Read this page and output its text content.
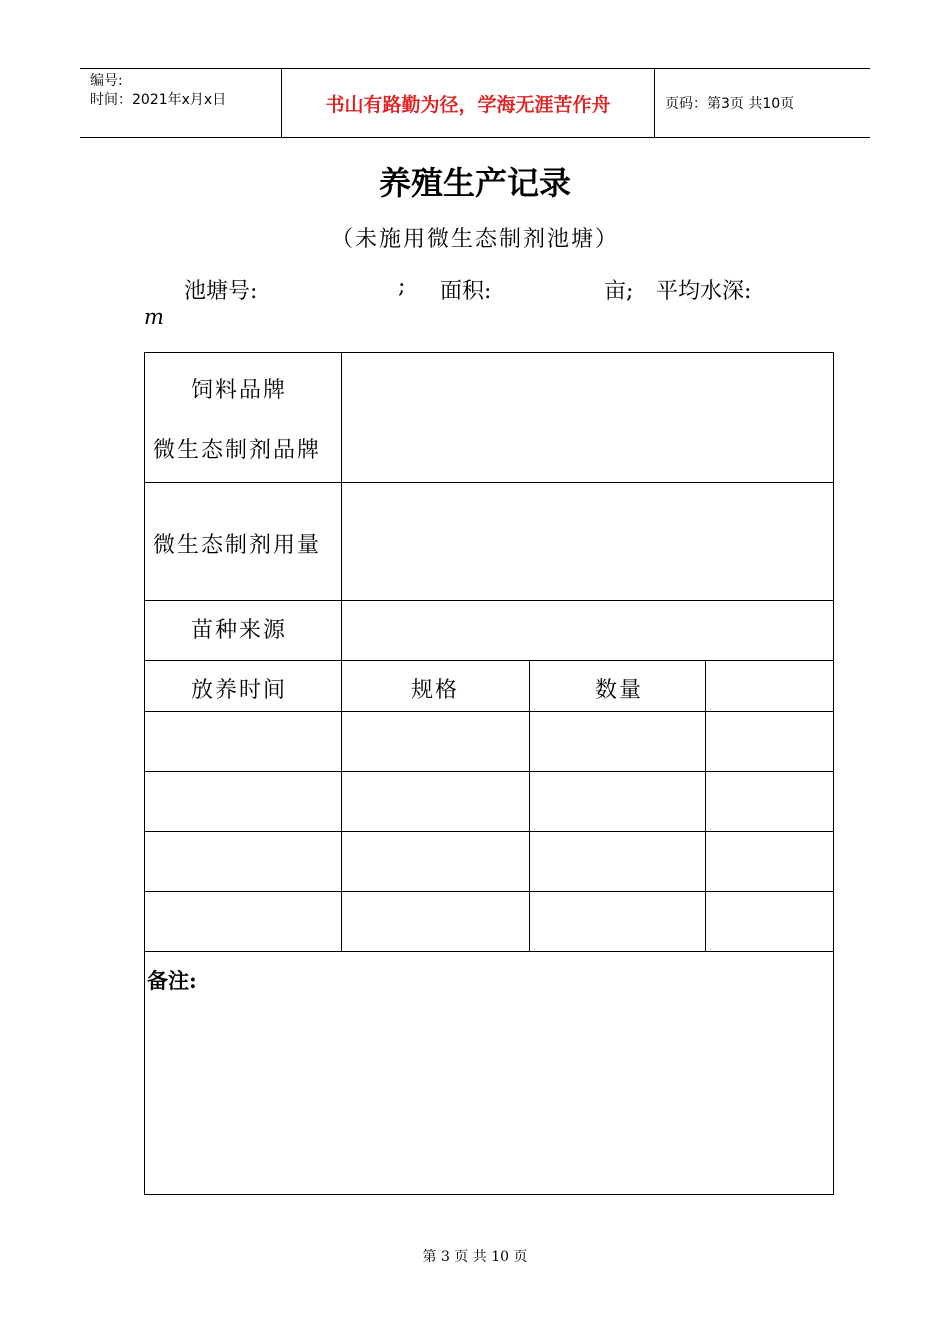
编号:
时间：2021年x月x日	书山有路勤为径，学海无涯苦作舟	页码：第3页 共10页
养殖生产记录
（未施用微生态制剂池塘）
池塘号:	; 面积:	亩; 平均水深:
m
饲料品牌
微生态制剂品牌
微生态制剂用量
苗种来源
放养时间	规格	数量
备注:
第 3 页 共 10 页
